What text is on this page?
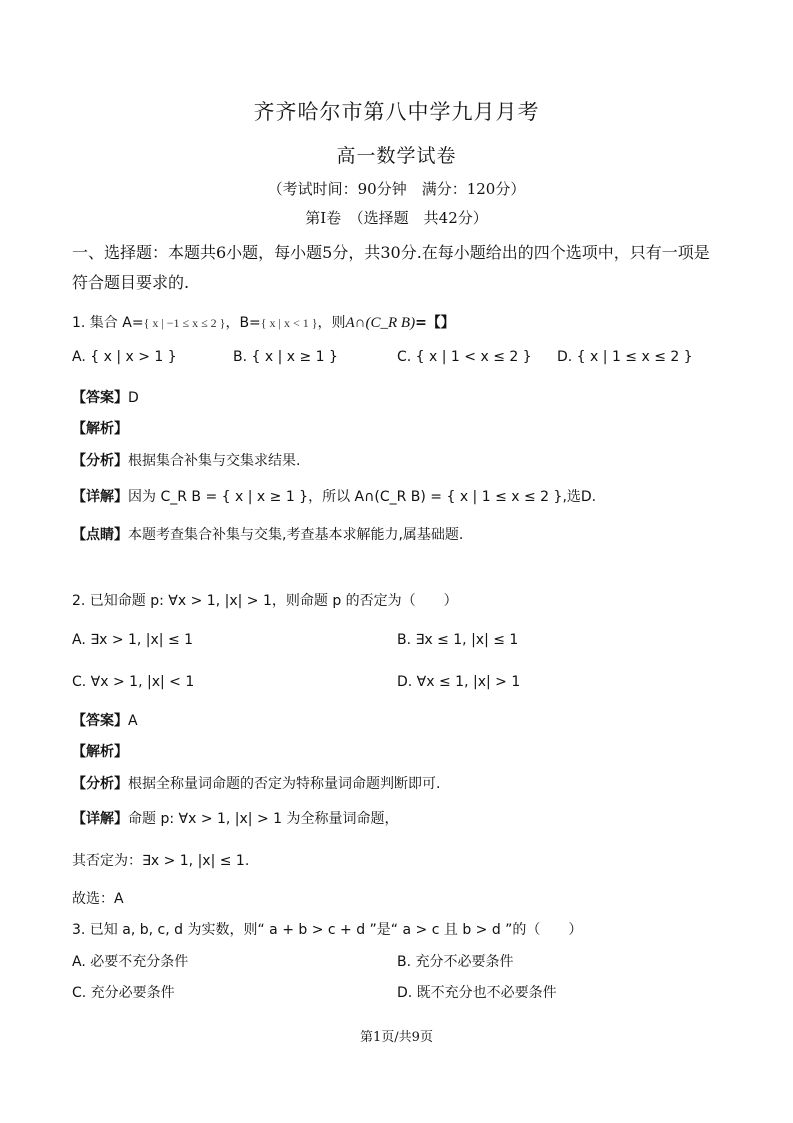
齐齐哈尔市第八中学九月月考
高一数学试卷
（考试时间：90分钟　满分：120分）
第Ⅰ卷　（选择题　共42分）
一、选择题：本题共6小题，每小题5分，共30分.在每小题给出的四个选项中，只有一项是
符合题目要求的.
1. 集合 A={ x | −1 ≤ x ≤ 2 }，B={ x | x < 1 }，则A∩(C_R B)=【】
A. { x | x > 1 }	B. { x | x ≥ 1 }	C. { x | 1 < x ≤ 2 } D. { x | 1 ≤ x ≤ 2 }
【答案】D
【解析】
【分析】根据集合补集与交集求结果.
【详解】因为 C_R B = { x | x ≥ 1 }，所以 A∩(C_R B) = { x | 1 ≤ x ≤ 2 },选D.
【点睛】本题考查集合补集与交集,考查基本求解能力,属基础题.
2. 已知命题 p: ∀x > 1, |x| > 1，则命题 p 的否定为（　　）
A. ∃x > 1, |x| ≤ 1	B. ∃x ≤ 1, |x| ≤ 1
C. ∀x > 1, |x| < 1	D. ∀x ≤ 1, |x| > 1
【答案】A
【解析】
【分析】根据全称量词命题的否定为特称量词命题判断即可.
【详解】命题 p: ∀x > 1, |x| > 1 为全称量词命题，
其否定为：∃x > 1, |x| ≤ 1.
故选：A
3. 已知 a, b, c, d 为实数，则“ a + b > c + d ”是“ a > c 且 b > d ”的（　　）
A. 必要不充分条件	B. 充分不必要条件
C. 充分必要条件	D. 既不充分也不必要条件
第1页/共9页
